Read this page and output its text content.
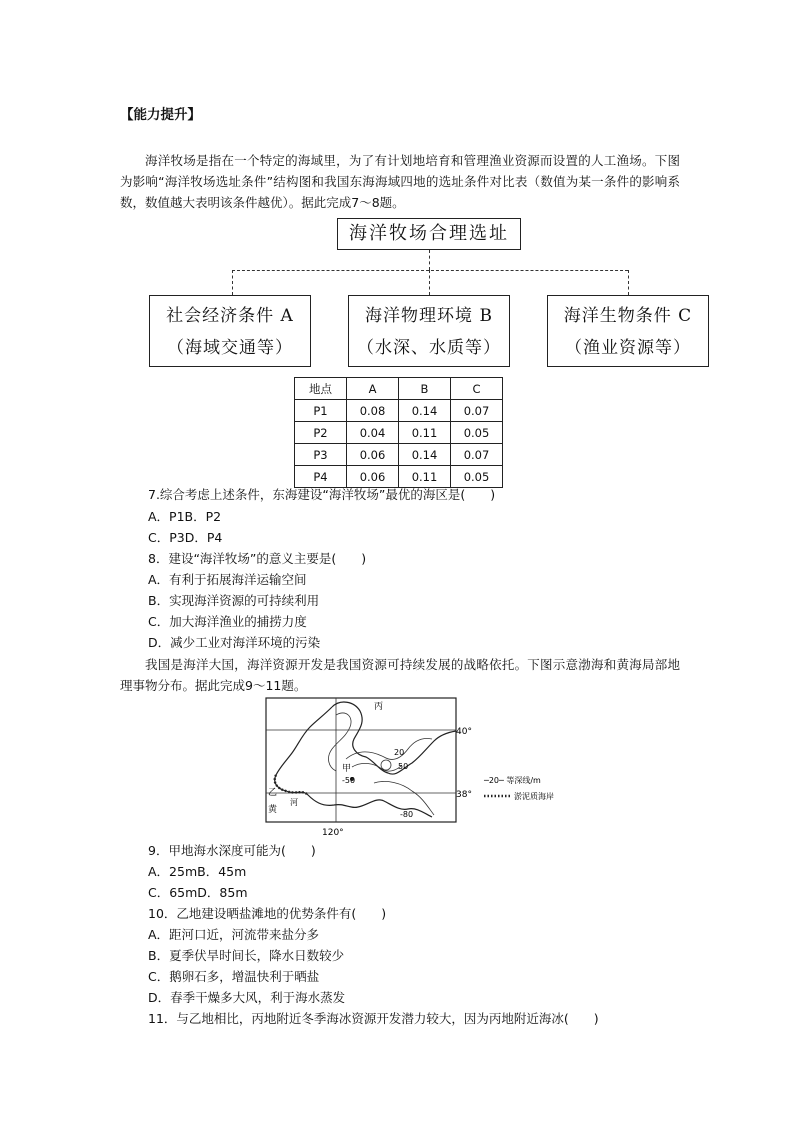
【能力提升】
海洋牧场是指在一个特定的海域里，为了有计划地培育和管理渔业资源而设置的人工渔场。下图为影响“海洋牧场选址条件”结构图和我国东海海域四地的选址条件对比表（数值为某一条件的影响系数，数值越大表明该条件越优）。据此完成7～8题。
海洋牧场合理选址
社会经济条件 A
（海域交通等）
海洋物理环境 B
（水深、水质等）
海洋生物条件 C
（渔业资源等）
地点	A	B	C
P1	0.08	0.14	0.07
P2	0.04	0.11	0.05
P3	0.06	0.14	0.07
P4	0.06	0.11	0.05
7.综合考虑上述条件，东海建设“海洋牧场”最优的海区是(　　)
A．P1B．P2
C．P3D．P4
8．建设“海洋牧场”的意义主要是(　　)
A．有利于拓展海洋运输空间
B．实现海洋资源的可持续利用
C．加大海洋渔业的捕捞力度
D．减少工业对海洋环境的污染
我国是海洋大国，海洋资源开发是我国资源可持续发展的战略依托。下图示意渤海和黄海局部地理事物分布。据此完成9～11题。
丙
甲
乙
黄
河
20
50
-50
-80
40°
38°
120°
─20─ 等深线/m
淤泥质海岸
9．甲地海水深度可能为(　　)
A．25mB．45m
C．65mD．85m
10．乙地建设晒盐滩地的优势条件有(　　)
A．距河口近，河流带来盐分多
B．夏季伏旱时间长，降水日数较少
C．鹅卵石多，增温快利于晒盐
D．春季干燥多大风，利于海水蒸发
11．与乙地相比，丙地附近冬季海冰资源开发潜力较大，因为丙地附近海冰(　　)
